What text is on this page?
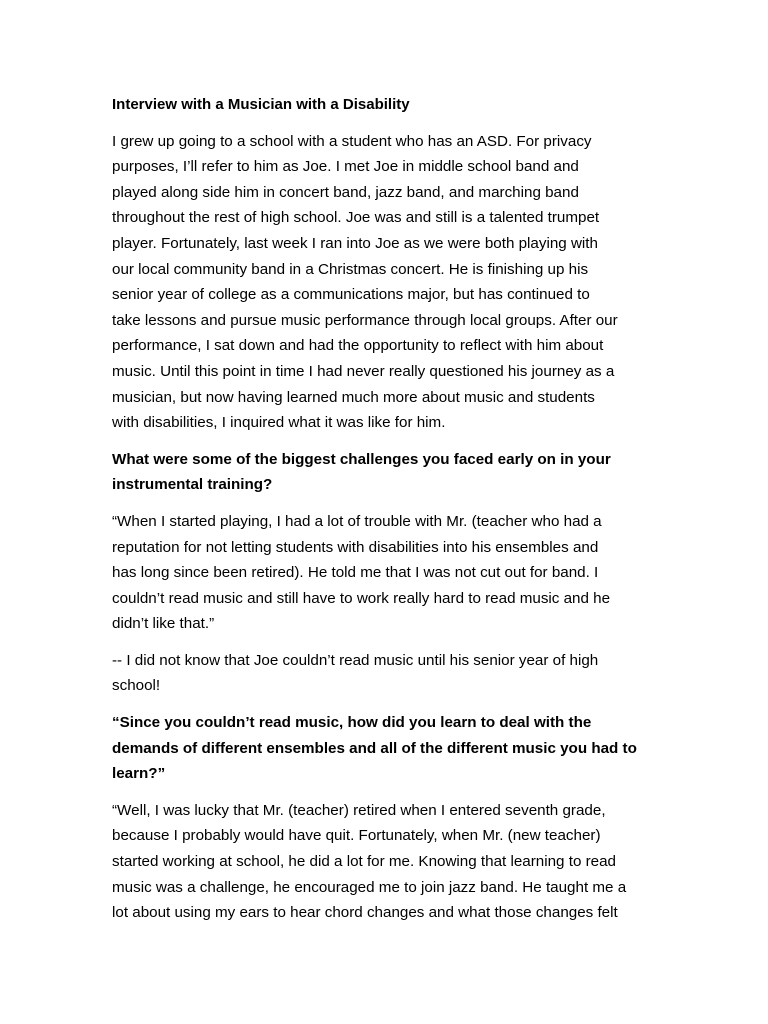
Interview with a Musician with a Disability

I grew up going to a school with a student who has an ASD. For privacy
purposes, I’ll refer to him as Joe. I met Joe in middle school band and
played along side him in concert band, jazz band, and marching band
throughout the rest of high school. Joe was and still is a talented trumpet
player. Fortunately, last week I ran into Joe as we were both playing with
our local community band in a Christmas concert. He is finishing up his
senior year of college as a communications major, but has continued to
take lessons and pursue music performance through local groups. After our
performance, I sat down and had the opportunity to reflect with him about
music. Until this point in time I had never really questioned his journey as a
musician, but now having learned much more about music and students
with disabilities, I inquired what it was like for him.

What were some of the biggest challenges you faced early on in your
instrumental training?

“When I started playing, I had a lot of trouble with Mr. (teacher who had a
reputation for not letting students with disabilities into his ensembles and
has long since been retired). He told me that I was not cut out for band. I
couldn’t read music and still have to work really hard to read music and he
didn’t like that.”

-- I did not know that Joe couldn’t read music until his senior year of high
school!

“Since you couldn’t read music, how did you learn to deal with the
demands of different ensembles and all of the different music you had to
learn?”

“Well, I was lucky that Mr. (teacher) retired when I entered seventh grade,
because I probably would have quit. Fortunately, when Mr. (new teacher)
started working at school, he did a lot for me. Knowing that learning to read
music was a challenge, he encouraged me to join jazz band. He taught me a
lot about using my ears to hear chord changes and what those changes felt
